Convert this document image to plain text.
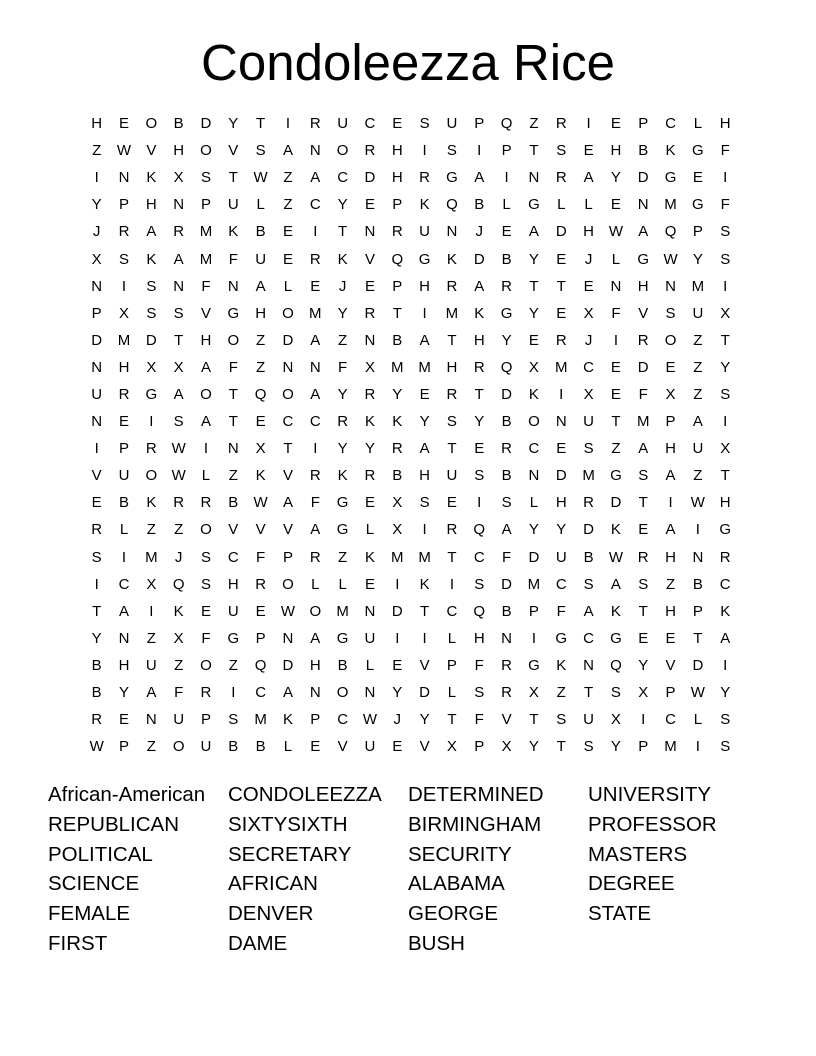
Condoleezza Rice
H	E	O	B	D	Y	T	I	R	U	C	E	S	U	P	Q	Z	R	I	E	P	C	L	H
Z	W	V	H	O	V	S	A	N	O	R	H	I	S	I	P	T	S	E	H	B	K	G	F
I	N	K	X	S	T	W	Z	A	C	D	H	R	G	A	I	N	R	A	Y	D	G	E	I
Y	P	H	N	P	U	L	Z	C	Y	E	P	K	Q	B	L	G	L	L	E	N	M	G	F
J	R	A	R	M	K	B	E	I	T	N	R	U	N	J	E	A	D	H W	A	Q	P	S
X	S	K	A	M	F	U	E	R	K	V	Q	G	K	D	B	Y	E	J	L	G W	Y	S
N	I	S	N	F	N	A	L	E	J	E	P	H	R	A	R	T	T	E	N	H	N	M	I
P	X	S	S	V	G	H	O	M	Y	R	T	I	M	K	G	Y	E	X	F	V	S	U	X
D	M	D	T	H	O	Z	D	A	Z	N	B	A	T	H	Y	E	R	J	I	R	O	Z	T
N	H	X	X	A	F	Z	N	N	F	X	M M	H	R	Q	X	M	C	E	D	E	Z	Y
U	R	G	A	O	T	Q	O	A	Y	R	Y	E	R	T	D	K	I	X	E	F	X	Z	S
N	E	I	S	A	T	E	C	C	R	K	K	Y	S	Y	B	O	N	U	T	M	P	A	I
I	P	R W	I	N	X	T	I	Y	Y	R	A	T	E	R	C	E	S	Z	A	H	U	X
V	U	O W	L	Z	K	V	R	K	R	B	H	U	S	B	N	D	M	G	S	A	Z	T
E	B	K	R	R	B	W	A	F	G	E	X	S	E	I	S	L	H	R	D	T	I	W H
R	L	Z	Z	O	V	V	V	A	G	L	X	I	R	Q	A	Y	Y	D	K	E	A	I	G
S	I	M	J	S	C	F	P	R	Z	K	M M	T	C	F	D	U	B	W R	H	N	R
I	C	X	Q	S	H	R	O	L	L	E	I	K	I	S	D	M	C	S	A	S	Z	B	C
T	A	I	K	E	U	E	W O	M	N	D	T	C	Q	B	P	F	A	K	T	H	P	K
Y	N	Z	X	F	G	P	N	A	G	U	I	I	L	H	N	I	G	C	G	E	E	T	A
B	H	U	Z	O	Z	Q	D	H	B	L	E	V	P	F	R	G	K	N	Q	Y	V	D	I
B	Y	A	F	R	I	C	A	N	O	N	Y	D	L	S	R	X	Z	T	S	X	P	W	Y
R	E	N	U	P	S	M	K	P	C W	J	Y	T	F	V	T	S	U	X	I	C	L	S
W	P	Z	O	U	B	B	L	E	V	U	E	V	X	P	X	Y	T	S	Y	P	M	I	S
African-American
REPUBLICAN
POLITICAL
SCIENCE
FEMALE
FIRST
CONDOLEEZZA
SIXTYSIXTH
SECRETARY
AFRICAN
DENVER
DAME
DETERMINED
BIRMINGHAM
SECURITY
ALABAMA
GEORGE
BUSH
UNIVERSITY
PROFESSOR
MASTERS
DEGREE
STATE
